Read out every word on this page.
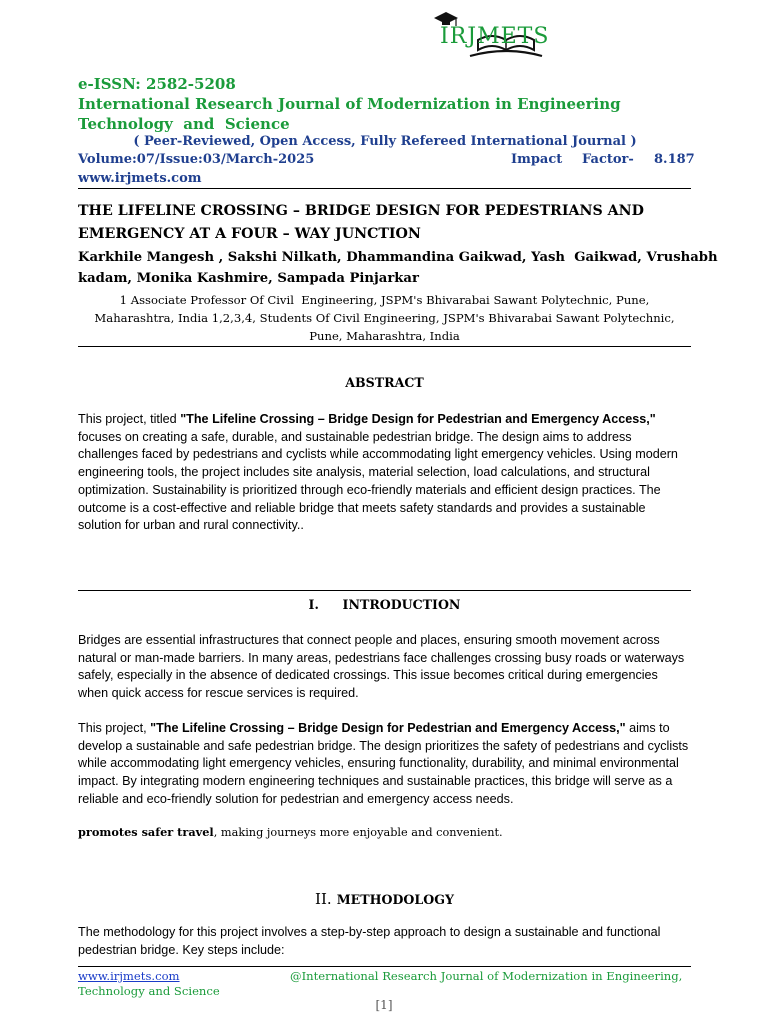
IRJMETS
e-ISSN: 2582-5208
International Research Journal of Modernization in Engineering
Technology  and  Science
( Peer-Reviewed, Open Access, Fully Refereed International Journal )
Volume:07/Issue:03/March-2025	Impact Factor- 8.187
www.irjmets.com
THE LIFELINE CROSSING – BRIDGE DESIGN FOR PEDESTRIANS AND
EMERGENCY AT A FOUR – WAY JUNCTION
Karkhile Mangesh , Sakshi Nilkath, Dhammandina Gaikwad, Yash  Gaikwad, Vrushabh
kadam, Monika Kashmire, Sampada Pinjarkar
1 Associate Professor Of Civil  Engineering, JSPM's Bhivarabai Sawant Polytechnic, Pune,
Maharashtra, India 1,2,3,4, Students Of Civil Engineering, JSPM's Bhivarabai Sawant Polytechnic,
Pune, Maharashtra, India
ABSTRACT

This project, titled "The Lifeline Crossing – Bridge Design for Pedestrian and Emergency Access," focuses on creating a safe, durable, and sustainable pedestrian bridge. The design aims to address challenges faced by pedestrians and cyclists while accommodating light emergency vehicles. Using modern engineering tools, the project includes site analysis, material selection, load calculations, and structural optimization. Sustainability is prioritized through eco-friendly materials and efficient design practices. The outcome is a cost-effective and reliable bridge that meets safety standards and provides a sustainable solution for urban and rural connectivity..

I. INTRODUCTION

Bridges are essential infrastructures that connect people and places, ensuring smooth movement across natural or man-made barriers. In many areas, pedestrians face challenges crossing busy roads or waterways safely, especially in the absence of dedicated crossings. This issue becomes critical during emergencies when quick access for rescue services is required.

This project, "The Lifeline Crossing – Bridge Design for Pedestrian and Emergency Access," aims to develop a sustainable and safe pedestrian bridge. The design prioritizes the safety of pedestrians and cyclists while accommodating light emergency vehicles, ensuring functionality, durability, and minimal environmental impact. By integrating modern engineering techniques and sustainable practices, this bridge will serve as a reliable and eco-friendly solution for pedestrian and emergency access needs.

promotes safer travel, making journeys more enjoyable and convenient.

II. METHODOLOGY

The methodology for this project involves a step-by-step approach to design a sustainable and functional pedestrian bridge. Key steps include:

www.irjmets.com	@International Research Journal of Modernization in Engineering,
Technology and Science
[1]
